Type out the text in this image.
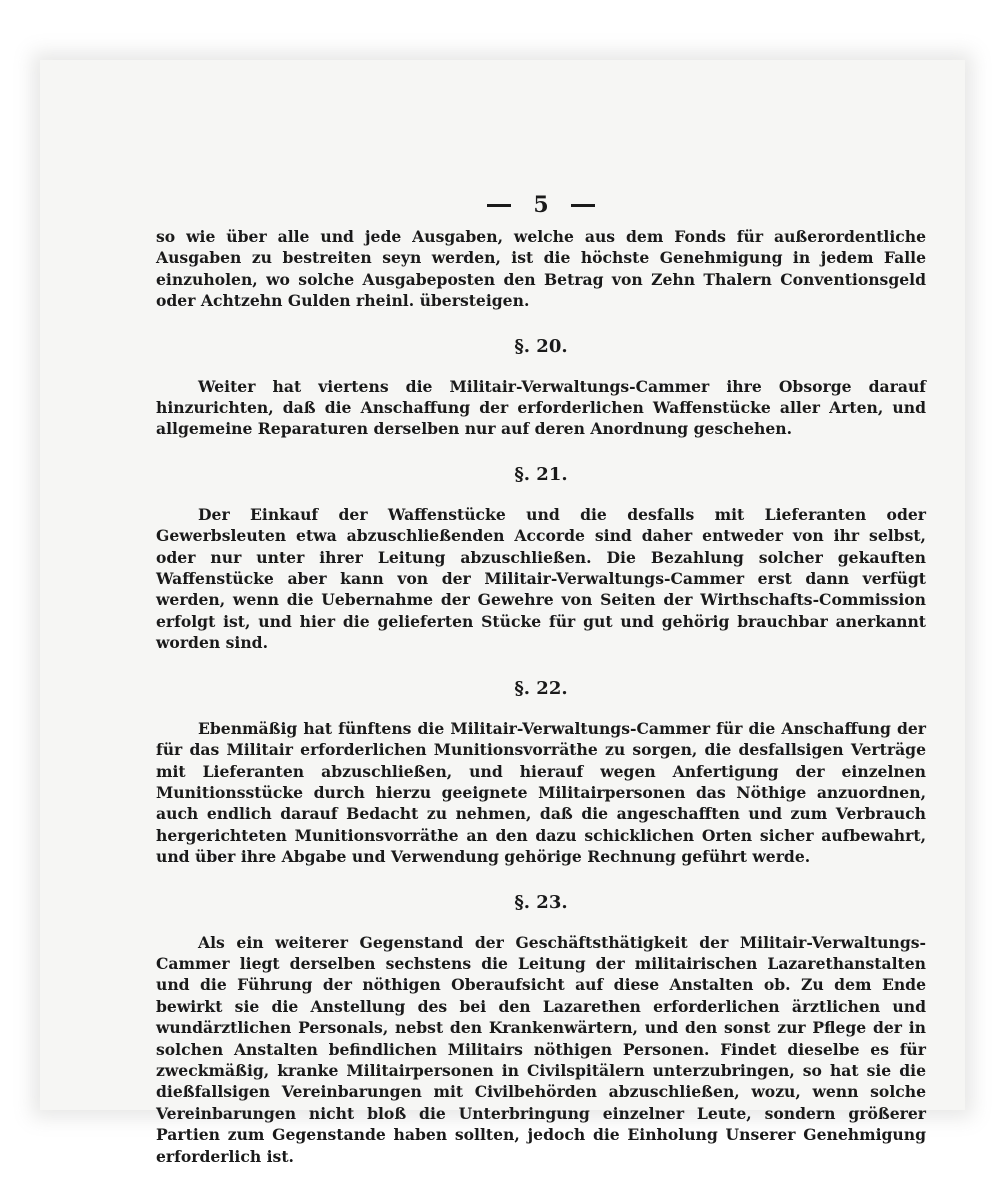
5

so wie über alle und jede Ausgaben, welche aus dem Fonds für außerordentliche Ausgaben zu bestreiten seyn werden, ist die höchste Genehmigung in jedem Falle einzuholen, wo solche Ausgabeposten den Betrag von Zehn Thalern Conventionsgeld oder Achtzehn Gulden rheinl. übersteigen.

§. 20.

Weiter hat viertens die Militair-Verwaltungs-Cammer ihre Obsorge darauf hinzurichten, daß die Anschaffung der erforderlichen Waffenstücke aller Arten, und allgemeine Reparaturen derselben nur auf deren Anordnung geschehen.

§. 21.

Der Einkauf der Waffenstücke und die desfalls mit Lieferanten oder Gewerbsleuten etwa abzuschließenden Accorde sind daher entweder von ihr selbst, oder nur unter ihrer Leitung abzuschließen. Die Bezahlung solcher gekauften Waffenstücke aber kann von der Militair-Verwaltungs-Cammer erst dann verfügt werden, wenn die Uebernahme der Gewehre von Seiten der Wirthschafts-Commission erfolgt ist, und hier die gelieferten Stücke für gut und gehörig brauchbar anerkannt worden sind.

§. 22.

Ebenmäßig hat fünftens die Militair-Verwaltungs-Cammer für die Anschaffung der für das Militair erforderlichen Munitionsvorräthe zu sorgen, die desfallsigen Verträge mit Lieferanten abzuschließen, und hierauf wegen Anfertigung der einzelnen Munitionsstücke durch hierzu geeignete Militairpersonen das Nöthige anzuordnen, auch endlich darauf Bedacht zu nehmen, daß die angeschafften und zum Verbrauch hergerichteten Munitionsvorräthe an den dazu schicklichen Orten sicher aufbewahrt, und über ihre Abgabe und Verwendung gehörige Rechnung geführt werde.

§. 23.

Als ein weiterer Gegenstand der Geschäftsthätigkeit der Militair-Verwaltungs-Cammer liegt derselben sechstens die Leitung der militairischen Lazarethanstalten und die Führung der nöthigen Oberaufsicht auf diese Anstalten ob. Zu dem Ende bewirkt sie die Anstellung des bei den Lazarethen erforderlichen ärztlichen und wundärztlichen Personals, nebst den Krankenwärtern, und den sonst zur Pflege der in solchen Anstalten befindlichen Militairs nöthigen Personen. Findet dieselbe es für zweckmäßig, kranke Militairpersonen in Civilspitälern unterzubringen, so hat sie die dießfallsigen Vereinbarungen mit Civilbehörden abzuschließen, wozu, wenn solche Vereinbarungen nicht bloß die Unterbringung einzelner Leute, sondern größerer Partien zum Gegenstande haben sollten, jedoch die Einholung Unserer Genehmigung erforderlich ist.
